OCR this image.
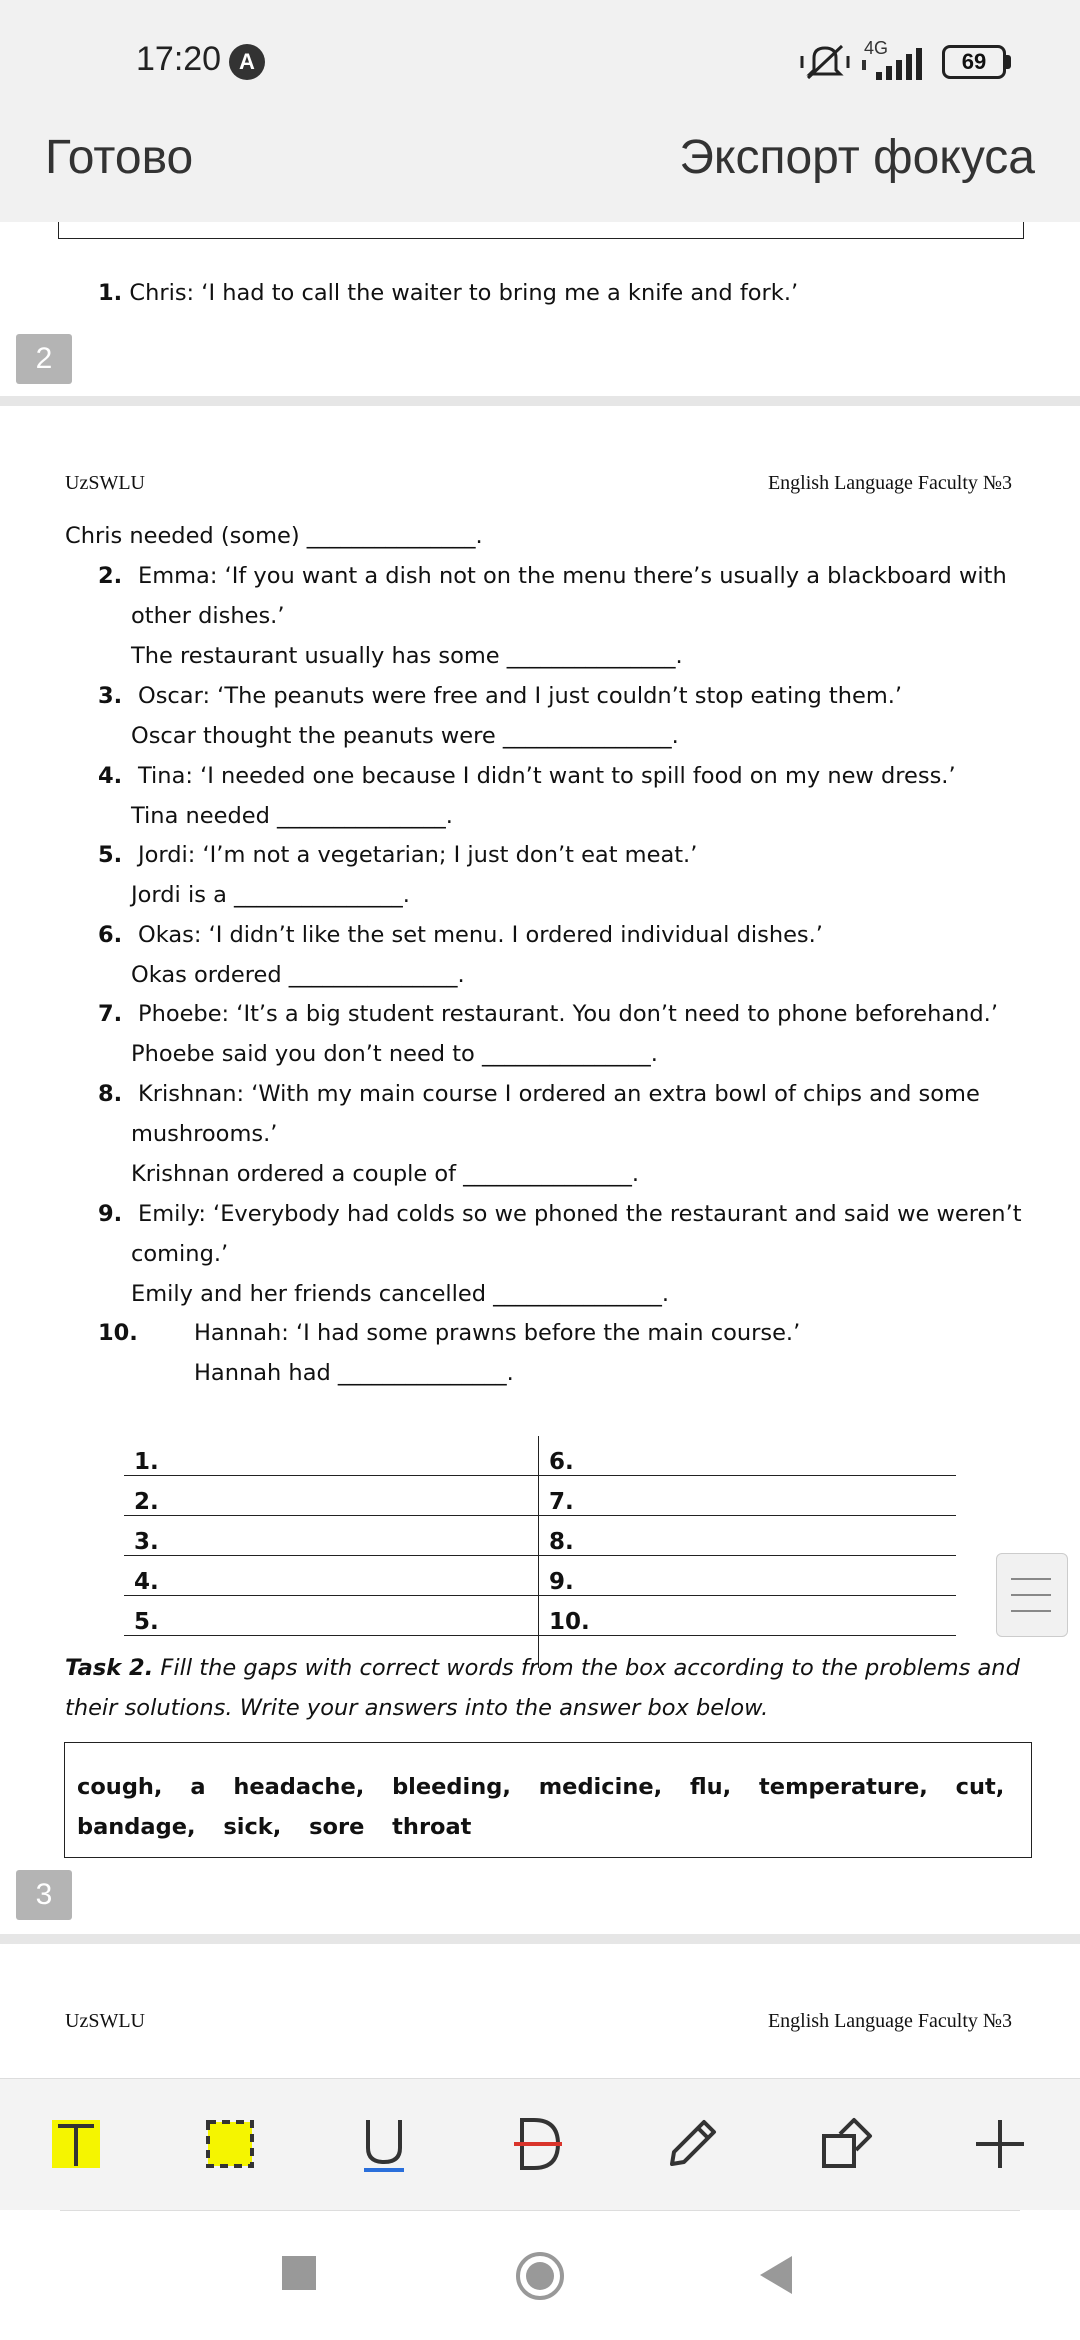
17:20 A
4G
69
Готово	Экспорт фокуса
1. Chris: ‘I had to call the waiter to bring me a knife and fork.’
2
UzSWLU	English Language Faculty №3
Chris needed (some) _______________.
2. Emma: ‘If you want a dish not on the menu there’s usually a blackboard with
other dishes.’
The restaurant usually has some _______________.
3. Oscar: ‘The peanuts were free and I just couldn’t stop eating them.’
Oscar thought the peanuts were _______________.
4. Tina: ‘I needed one because I didn’t want to spill food on my new dress.’
Tina needed _______________.
5. Jordi: ‘I’m not a vegetarian; I just don’t eat meat.’
Jordi is a _______________.
6. Okas: ‘I didn’t like the set menu. I ordered individual dishes.’
Okas ordered _______________.
7. Phoebe: ‘It’s a big student restaurant. You don’t need to phone beforehand.’
Phoebe said you don’t need to _______________.
8. Krishnan: ‘With my main course I ordered an extra bowl of chips and some
mushrooms.’
Krishnan ordered a couple of _______________.
9. Emily: ‘Everybody had colds so we phoned the restaurant and said we weren’t
coming.’
Emily and her friends cancelled _______________.
10. Hannah: ‘I had some prawns before the main course.’
Hannah had _______________.
1.	6.
2.	7.
3.	8.
4.	9.
5.	10.

Task 2. Fill the gaps with correct words from the box according to the problems and their solutions. Write your answers into the answer box below.
cough, a headache, bleeding, medicine, flu, temperature, cut, bandage, sick, sore throat
3
UzSWLU	English Language Faculty №3
